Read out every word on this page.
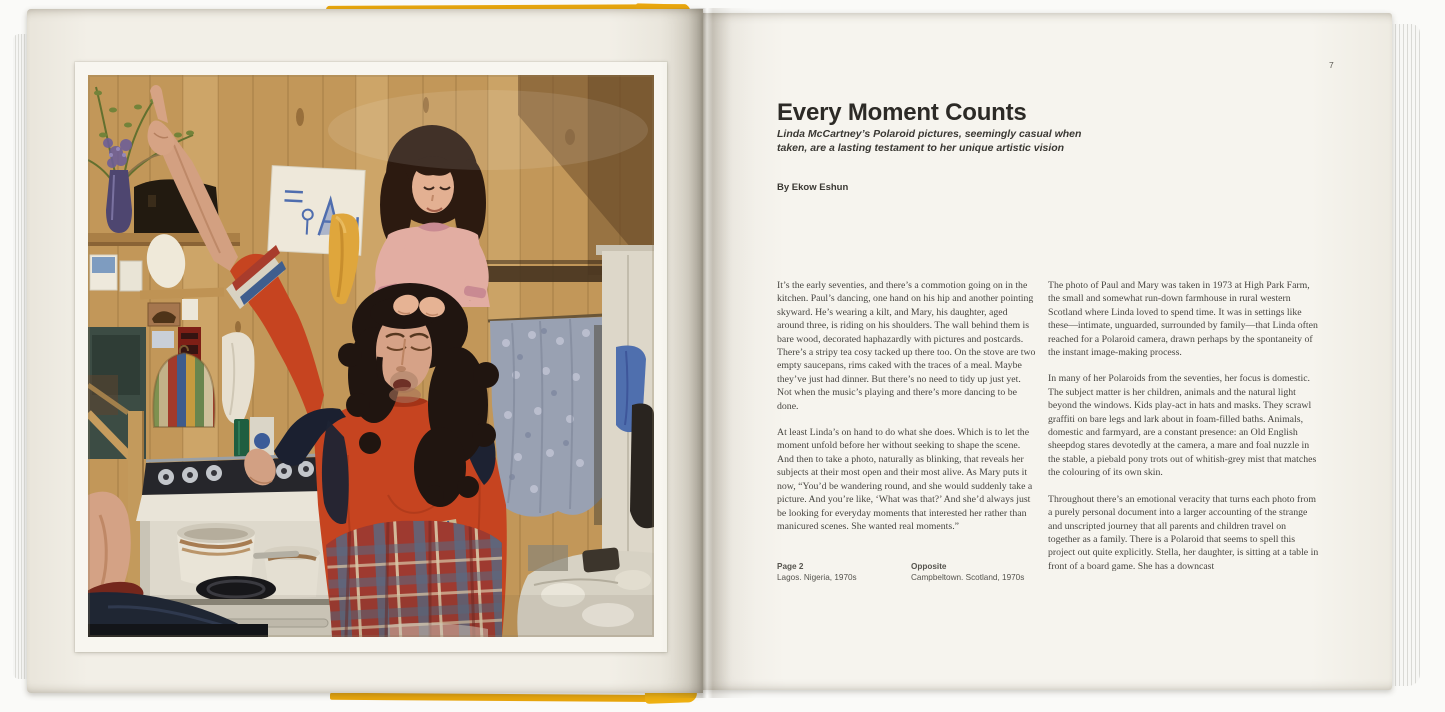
7
Every Moment Counts
Linda McCartney’s Polaroid pictures, seemingly casual when
taken, are a lasting testament to her unique artistic vision
By Ekow Eshun

It’s the early seventies, and there’s a commotion going on in the kitchen. Paul’s dancing, one hand on his hip and another pointing skyward. He’s wearing a kilt, and Mary, his daughter, aged around three, is riding on his shoulders. The wall behind them is bare wood, decorated haphazardly with pictures and postcards. There’s a stripy tea cosy tacked up there too. On the stove are two empty saucepans, rims caked with the traces of a meal. Maybe they’ve just had dinner. But there’s no need to tidy up just yet. Not when the music’s playing and there’s more dancing to be done.

At least Linda’s on hand to do what she does. Which is to let the moment unfold before her without seeking to shape the scene. And then to take a photo, naturally as blinking, that reveals her subjects at their most open and their most alive. As Mary puts it now, “You’d be wandering round, and she would suddenly take a picture. And you’re like, ‘What was that?’ And she’d always just be looking for everyday moments that interested her rather than manicured scenes. She wanted real moments.”

The photo of Paul and Mary was taken in 1973 at High Park Farm, the small and somewhat run-down farmhouse in rural western Scotland where Linda loved to spend time. It was in settings like these—intimate, unguarded, surrounded by family—that Linda often reached for a Polaroid camera, drawn perhaps by the spontaneity of the instant image-making process.

In many of her Polaroids from the seventies, her focus is domestic. The subject matter is her children, animals and the natural light beyond the windows. Kids play-act in hats and masks. They scrawl graffiti on bare legs and lark about in foam-filled baths. Animals, domestic and farmyard, are a constant presence: an Old English sheepdog stares devotedly at the camera, a mare and foal nuzzle in the stable, a piebald pony trots out of whitish-grey mist that matches the colouring of its own skin.

Throughout there’s an emotional veracity that turns each photo from a purely personal document into a larger accounting of the strange and unscripted journey that all parents and children travel on together as a family. There is a Polaroid that seems to spell this project out quite explicitly. Stella, her daughter, is sitting at a table in front of a board game. She has a downcast

Page 2
Lagos. Nigeria, 1970s
Opposite
Campbeltown. Scotland, 1970s
